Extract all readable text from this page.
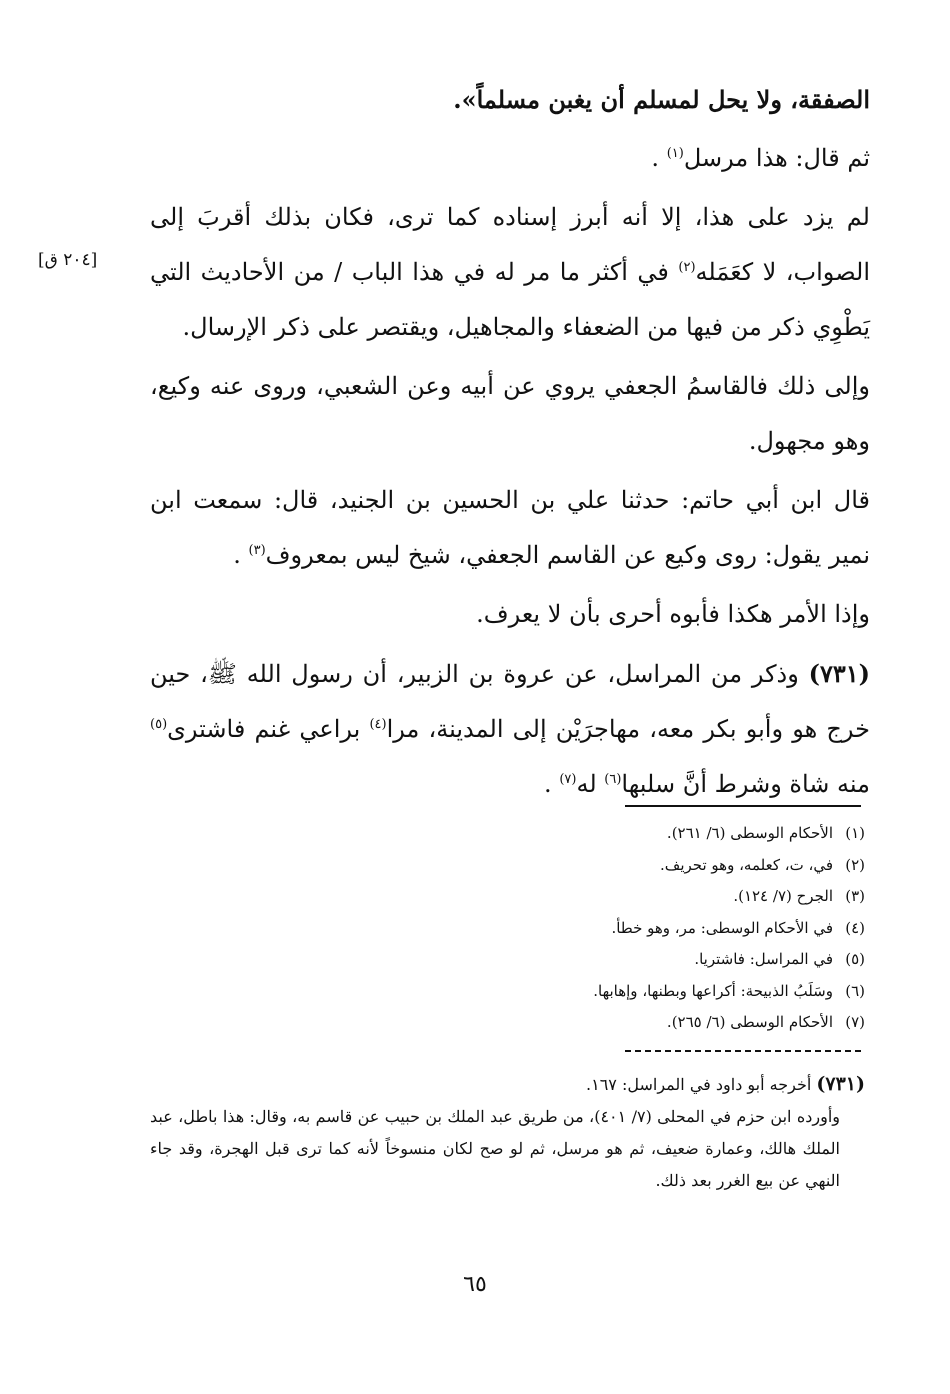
[٢٠٤ ق]

الصفقة، ولا يحل لمسلم أن يغبن مسلماً».

ثم قال: هذا مرسل$^{(١)}$ .

لم يزد على هذا، إلا أنه أبرز إسناده كما ترى، فكان بذلك أقربَ إلى الصواب، لا كعَمَله$^{(٢)}$ في أكثر ما مر له في هذا الباب / من الأحاديث التي يَطْوِي ذكر من فيها من الضعفاء والمجاهيل، ويقتصر على ذكر الإرسال.

وإلى ذلك فالقاسمُ الجعفي يروي عن أبيه وعن الشعبي، وروى عنه وكيع، وهو مجهول.

قال ابن أبي حاتم: حدثنا علي بن الحسين بن الجنيد، قال: سمعت ابن نمير يقول: روى وكيع عن القاسم الجعفي، شيخ ليس بمعروف$^{(٣)}$ .

وإذا الأمر هكذا فأبوه أحرى بأن لا يعرف.

(٧٣١) وذكر من المراسل، عن عروة بن الزبير، أن رسول الله ﷺ، حين خرج هو وأبو بكر معه، مهاجرَيْن إلى المدينة، مرا$^{(٤)}$ براعي غنم فاشترى$^{(٥)}$ منه شاة وشرط أنَّ سلبها$^{(٦)}$ له$^{(٧)}$ .

(١)الأحكام الوسطى (٦/ ٢٦١).
(٢)في، ت، كعلمه، وهو تحريف.
(٣)الجرح (٧/ ١٢٤).
(٤)في الأحكام الوسطى: مر، وهو خطأ.
(٥)في المراسل: فاشتريا.
(٦)وسَلَبُ الذبيحة: أكراعها وبطنها، وإهابها.
(٧)الأحكام الوسطى (٦/ ٢٦٥).

(٧٣١) أخرجه أبو داود في المراسل: ١٦٧.

وأورده ابن حزم في المحلى (٧/ ٤٠١)، من طريق عبد الملك بن حبيب عن قاسم به، وقال: هذا باطل، عبد الملك هالك، وعمارة ضعيف، ثم هو مرسل، ثم لو صح لكان منسوخاً لأنه كما ترى قبل الهجرة، وقد جاء النهي عن بيع الغرر بعد ذلك.

٦٥
